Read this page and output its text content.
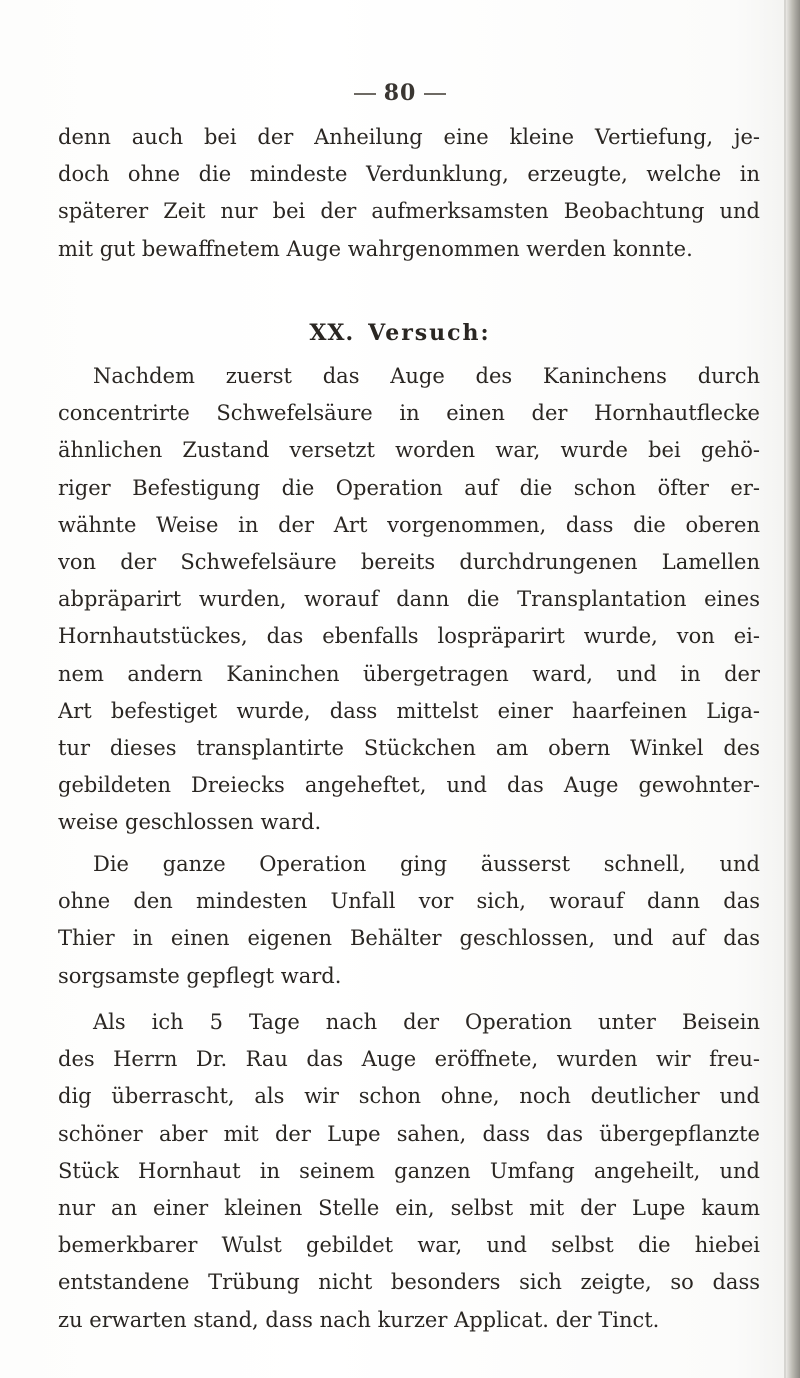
80
denn auch bei der Anheilung eine kleine Vertiefung, je-
doch ohne die mindeste Verdunklung, erzeugte, welche in
späterer Zeit nur bei der aufmerksamsten Beobachtung und
mit gut bewaffnetem Auge wahrgenommen werden konnte.
XX. Versuch:
Nachdem zuerst das Auge des Kaninchens durch
concentrirte Schwefelsäure in einen der Hornhautflecke
ähnlichen Zustand versetzt worden war, wurde bei gehö-
riger Befestigung die Operation auf die schon öfter er-
wähnte Weise in der Art vorgenommen, dass die oberen
von der Schwefelsäure bereits durchdrungenen Lamellen
abpräparirt wurden, worauf dann die Transplantation eines
Hornhautstückes, das ebenfalls lospräparirt wurde, von ei-
nem andern Kaninchen übergetragen ward, und in der
Art befestiget wurde, dass mittelst einer haarfeinen Liga-
tur dieses transplantirte Stückchen am obern Winkel des
gebildeten Dreiecks angeheftet, und das Auge gewohnter-
weise geschlossen ward.
Die ganze Operation ging äusserst schnell, und
ohne den mindesten Unfall vor sich, worauf dann das
Thier in einen eigenen Behälter geschlossen, und auf das
sorgsamste gepflegt ward.
Als ich 5 Tage nach der Operation unter Beisein
des Herrn Dr. Rau das Auge eröffnete, wurden wir freu-
dig überrascht, als wir schon ohne, noch deutlicher und
schöner aber mit der Lupe sahen, dass das übergepflanzte
Stück Hornhaut in seinem ganzen Umfang angeheilt, und
nur an einer kleinen Stelle ein, selbst mit der Lupe kaum
bemerkbarer Wulst gebildet war, und selbst die hiebei
entstandene Trübung nicht besonders sich zeigte, so dass
zu erwarten stand, dass nach kurzer Applicat. der Tinct.
